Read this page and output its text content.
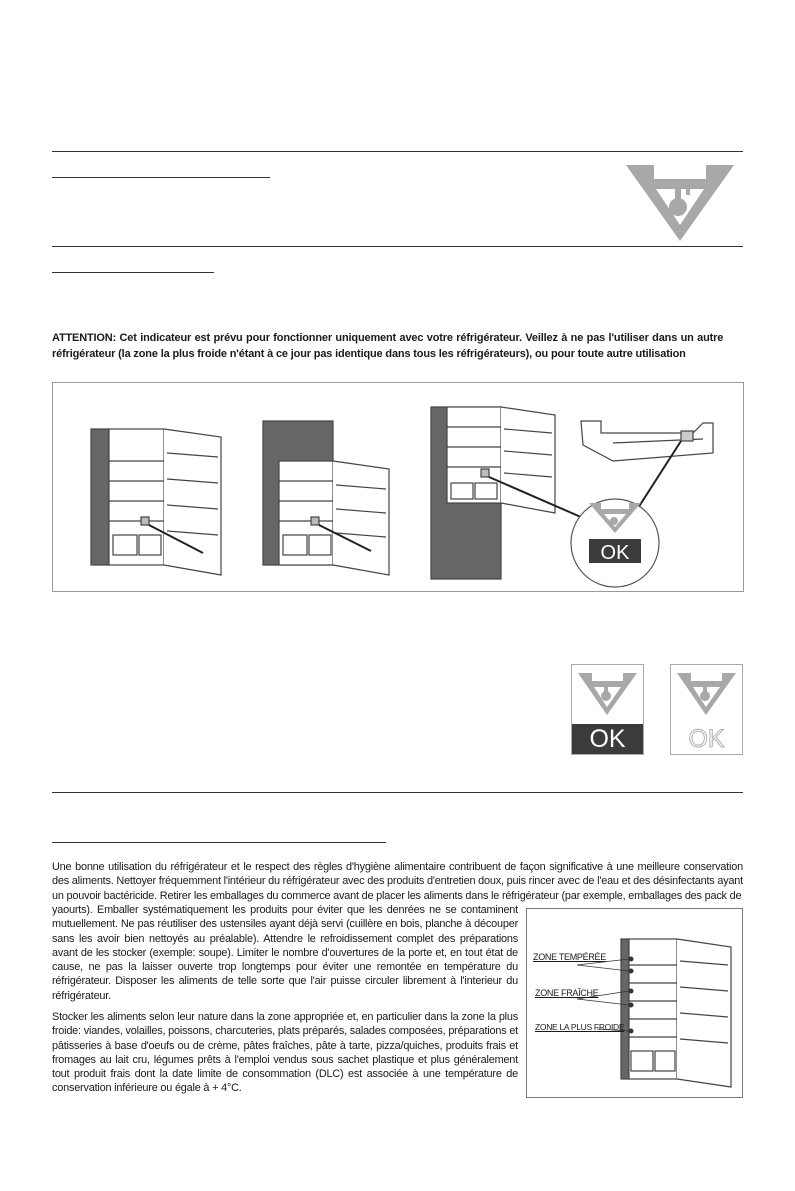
ATTENTION: Cet indicateur est prévu pour fonctionner uniquement avec votre réfrigérateur. Veillez à ne pas l'utiliser dans un autre réfrigérateur (la zone la plus froide n'étant à ce jour pas identique dans tous les réfrigérateurs), ou pour toute autre utilisation
OK
OK	OK

Une bonne utilisation du réfrigérateur et le respect des règles d'hygiène alimentaire contribuent de façon significative à une meilleure conservation des aliments. Nettoyer fréquemment l'intérieur du réfrigérateur avec des produits d'entretien doux, puis rincer avec de l'eau et des désinfectants ayant un pouvoir bactéricide. Retirer les emballages du commerce avant de placer les aliments dans le réfrigérateur (par exemple, emballages des pack de

yaourts). Emballer systématiquement les produits pour éviter que les denrées ne se contaminent mutuellement. Ne pas réutiliser des ustensiles ayant déjà servi (cuillère en bois, planche à découper sans les avoir bien nettoyés au préalable). Attendre le refroidissement complet des préparations avant de les stocker (exemple: soupe). Limiter le nombre d'ouvertures de la porte et, en tout état de cause, ne pas la laisser ouverte trop longtemps pour éviter une remontée en température du réfrigérateur. Disposer les aliments de telle sorte que l'air puisse circuler librement à l'interieur du réfrigérateur.

Stocker les aliments selon leur nature dans la zone appropriée et, en particulier dans la zone la plus froide: viandes, volailles, poissons, charcuteries, plats préparés, salades composées, préparations et pâtisseries à base d'oeufs ou de crème, pâtes fraîches, pâte à tarte, pizza/quiches, produits frais et fromages au lait cru, légumes prêts à l'emploi vendus sous sachet plastique et plus généralement tout produit frais dont la date limite de consommation (DLC) est associée à une température de conservation inférieure ou égale à + 4°C.

ZONE TEMPÉRÉE
ZONE FRAÎCHE
ZONE LA PLUS FROIDE
